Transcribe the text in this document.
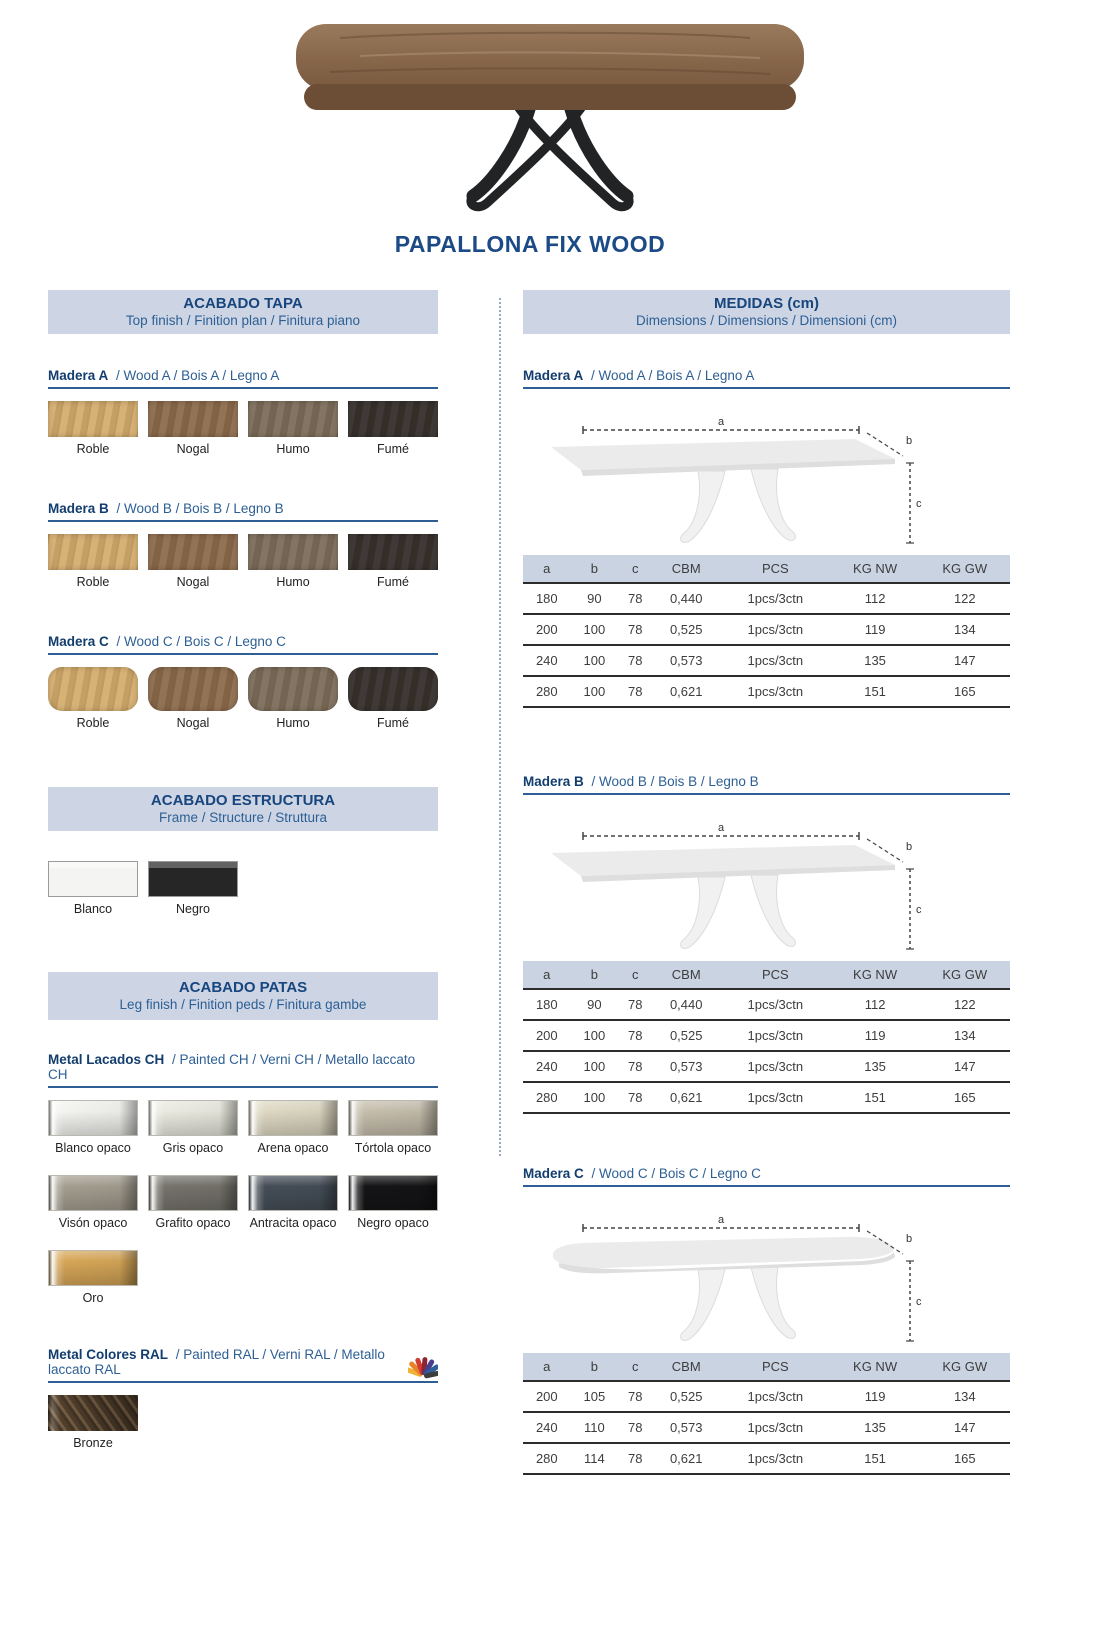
PAPALLONA FIX WOOD
ACABADO TAPA
Top finish / Finition plan / Finitura piano
Madera A / Wood A / Bois A / Legno A
Roble	Nogal	Humo	Fumé
Madera B / Wood B / Bois B / Legno B
Roble	Nogal	Humo	Fumé
Madera C / Wood C / Bois C / Legno C
Roble	Nogal	Humo	Fumé
ACABADO ESTRUCTURA
Frame / Structure / Struttura
Blanco	Negro
ACABADO PATAS
Leg finish / Finition peds / Finitura gambe
Metal Lacados CH / Painted CH / Verni CH / Metallo laccato CH
Blanco opaco	Gris opaco	Arena opaco	Tórtola opaco
Visón opaco	Grafito opaco	Antracita opaco	Negro opaco
Oro
Metal Colores RAL / Painted RAL / Verni RAL / Metallo laccato RAL
Bronze
MEDIDAS (cm)
Dimensions / Dimensions / Dimensioni (cm)
Madera A / Wood A / Bois A / Legno A
a
b
c
a	b	c	CBM	PCS	KG NW	KG GW
180	90	78	0,440	1pcs/3ctn	112	122
200	100	78	0,525	1pcs/3ctn	119	134
240	100	78	0,573	1pcs/3ctn	135	147
280	100	78	0,621	1pcs/3ctn	151	165
Madera B / Wood B / Bois B / Legno B
a
b
c
a	b	c	CBM	PCS	KG NW	KG GW
180	90	78	0,440	1pcs/3ctn	112	122
200	100	78	0,525	1pcs/3ctn	119	134
240	100	78	0,573	1pcs/3ctn	135	147
280	100	78	0,621	1pcs/3ctn	151	165
Madera C / Wood C / Bois C / Legno C
a
b
c
a	b	c	CBM	PCS	KG NW	KG GW
200	105	78	0,525	1pcs/3ctn	119	134
240	110	78	0,573	1pcs/3ctn	135	147
280	114	78	0,621	1pcs/3ctn	151	165
